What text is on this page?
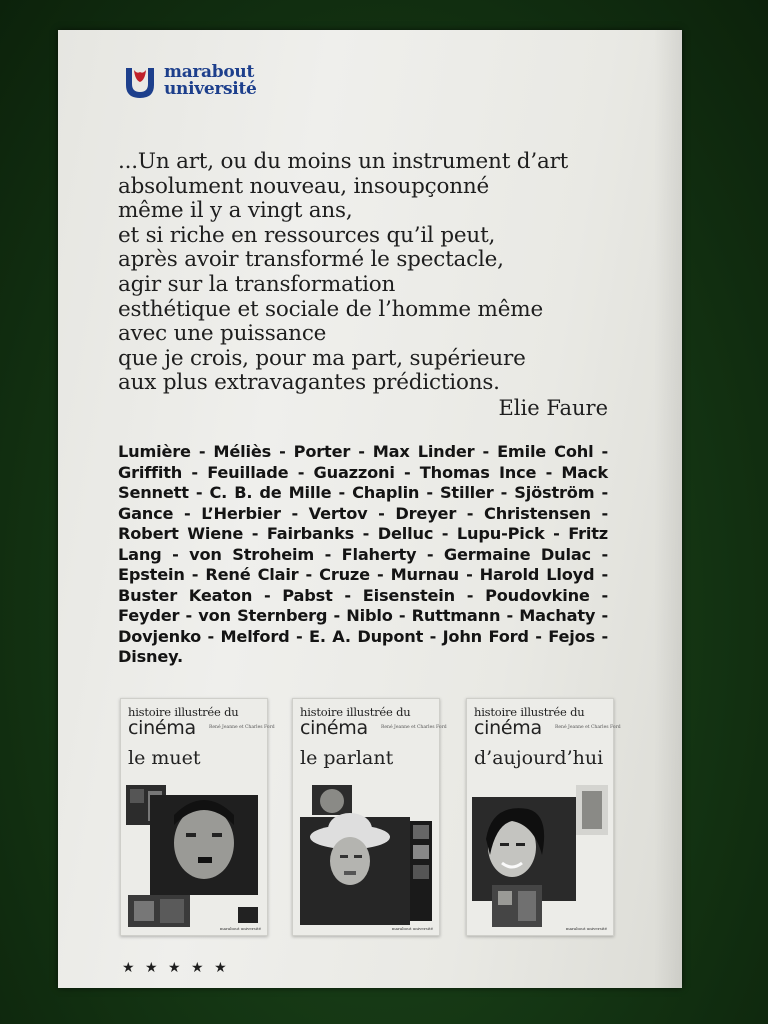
marabout
université
...Un art, ou du moins un instrument d’art
absolument nouveau, insoupçonné
même il y a vingt ans,
et si riche en ressources qu’il peut,
après avoir transformé le spectacle,
agir sur la transformation
esthétique et sociale de l’homme même
avec une puissance
que je crois, pour ma part, supérieure
aux plus extravagantes prédictions.
Elie Faure
Lumière - Méliès - Porter - Max Linder - Emile Cohl - Griffith - Feuillade - Guazzoni - Thomas Ince - Mack Sennett - C. B. de Mille - Chaplin - Stiller - Sjöström - Gance - L’Herbier - Vertov - Dreyer - Christensen - Robert Wiene - Fairbanks - Delluc - Lupu-Pick - Fritz Lang - von Stroheim - Flaherty - Germaine Dulac - Epstein - René Clair - Cruze - Murnau - Harold Lloyd - Buster Keaton - Pabst - Eisenstein - Poudovkine - Feyder - von Sternberg - Niblo - Ruttmann - Machaty - Dovjenko - Melford - E. A. Dupont - John Ford - Fejos - Disney.
histoire illustrée du
cinéma	René Jeanne et Charles Ford
le muet
marabout université
histoire illustrée du
cinéma	René Jeanne et Charles Ford
le parlant
marabout université
histoire illustrée du
cinéma	René Jeanne et Charles Ford
d’aujourd’hui
marabout université
★ ★ ★ ★ ★
